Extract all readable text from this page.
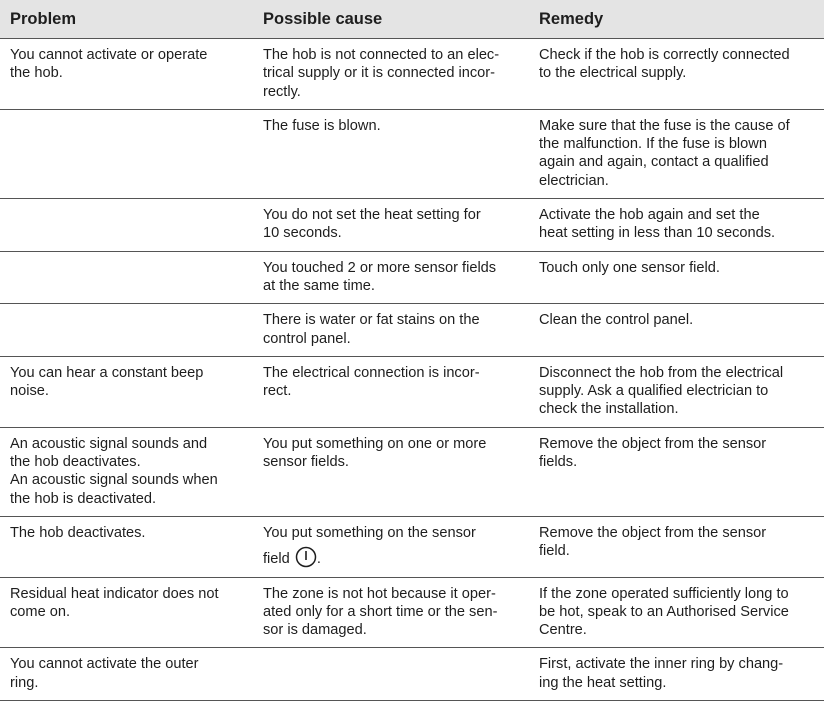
Problem	Possible cause	Remedy

You cannot activate or operate
the hob.	The hob is not connected to an elec-
trical supply or it is connected incor-
rectly.	Check if the hob is correctly connected
to the electrical supply.

	The fuse is blown.	Make sure that the fuse is the cause of
the malfunction. If the fuse is blown
again and again, contact a qualified
electrician.

	You do not set the heat setting for
10 seconds.	Activate the hob again and set the
heat setting in less than 10 seconds.

	You touched 2 or more sensor fields
at the same time.	Touch only one sensor field.

	There is water or fat stains on the
control panel.	Clean the control panel.

You can hear a constant beep
noise.	The electrical connection is incor-
rect.	Disconnect the hob from the electrical
supply. Ask a qualified electrician to
check the installation.

An acoustic signal sounds and
the hob deactivates.
An acoustic signal sounds when
the hob is deactivated.	You put something on one or more
sensor fields.	Remove the object from the sensor
fields.

The hob deactivates.	You put something on the sensor
field .	Remove the object from the sensor
field.

Residual heat indicator does not
come on.	The zone is not hot because it oper-
ated only for a short time or the sen-
sor is damaged.	If the zone operated sufficiently long to
be hot, speak to an Authorised Service
Centre.

You cannot activate the outer
ring.		First, activate the inner ring by chang-
ing the heat setting.
